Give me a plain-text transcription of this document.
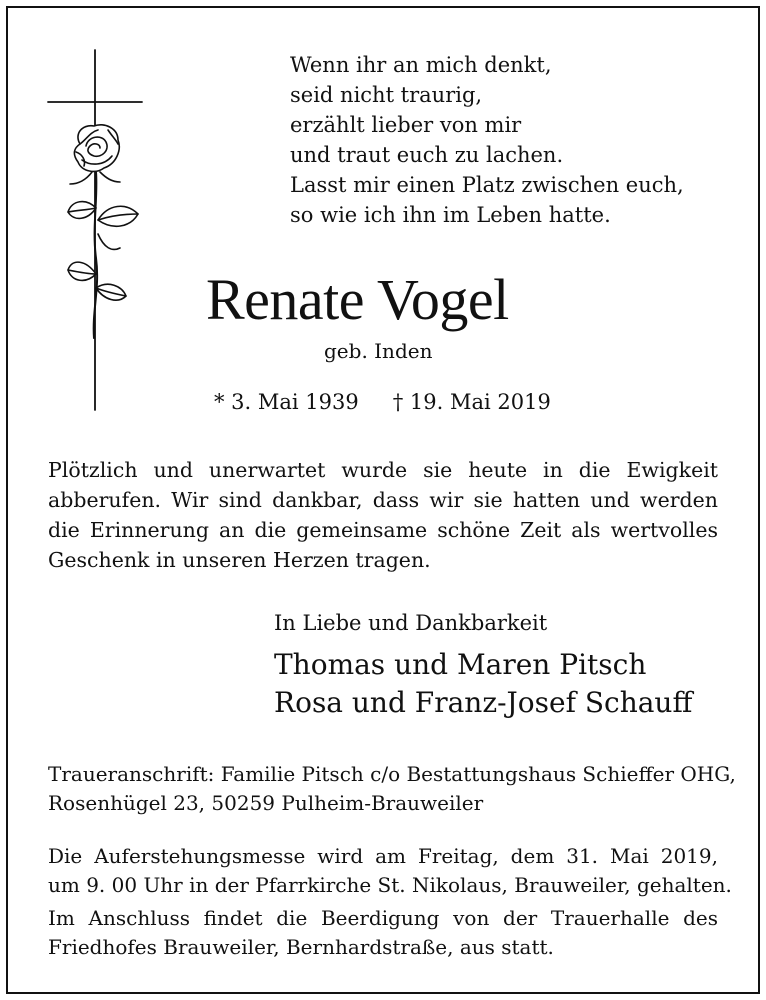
Wenn ihr an mich denkt,
seid nicht traurig,
erzählt lieber von mir
und traut euch zu lachen.
Lasst mir einen Platz zwischen euch,
so wie ich ihn im Leben hatte.
Renate Vogel
geb. Inden
* 3. Mai 1939 † 19. Mai 2019
Plötzlich und unerwartet wurde sie heute in die Ewigkeit
abberufen. Wir sind dankbar, dass wir sie hatten und werden
die Erinnerung an die gemeinsame schöne Zeit als wertvolles
Geschenk in unseren Herzen tragen.
In Liebe und Dankbarkeit
Thomas und Maren Pitsch
Rosa und Franz-Josef Schauff
Traueranschrift: Familie Pitsch c/o Bestattungshaus Schieffer OHG,
Rosenhügel 23, 50259 Pulheim-Brauweiler
Die Auferstehungsmesse wird am Freitag, dem 31. Mai 2019,
um 9. 00 Uhr in der Pfarrkirche St. Nikolaus, Brauweiler, gehalten.
Im Anschluss findet die Beerdigung von der Trauerhalle des
Friedhofes Brauweiler, Bernhardstraße, aus statt.
